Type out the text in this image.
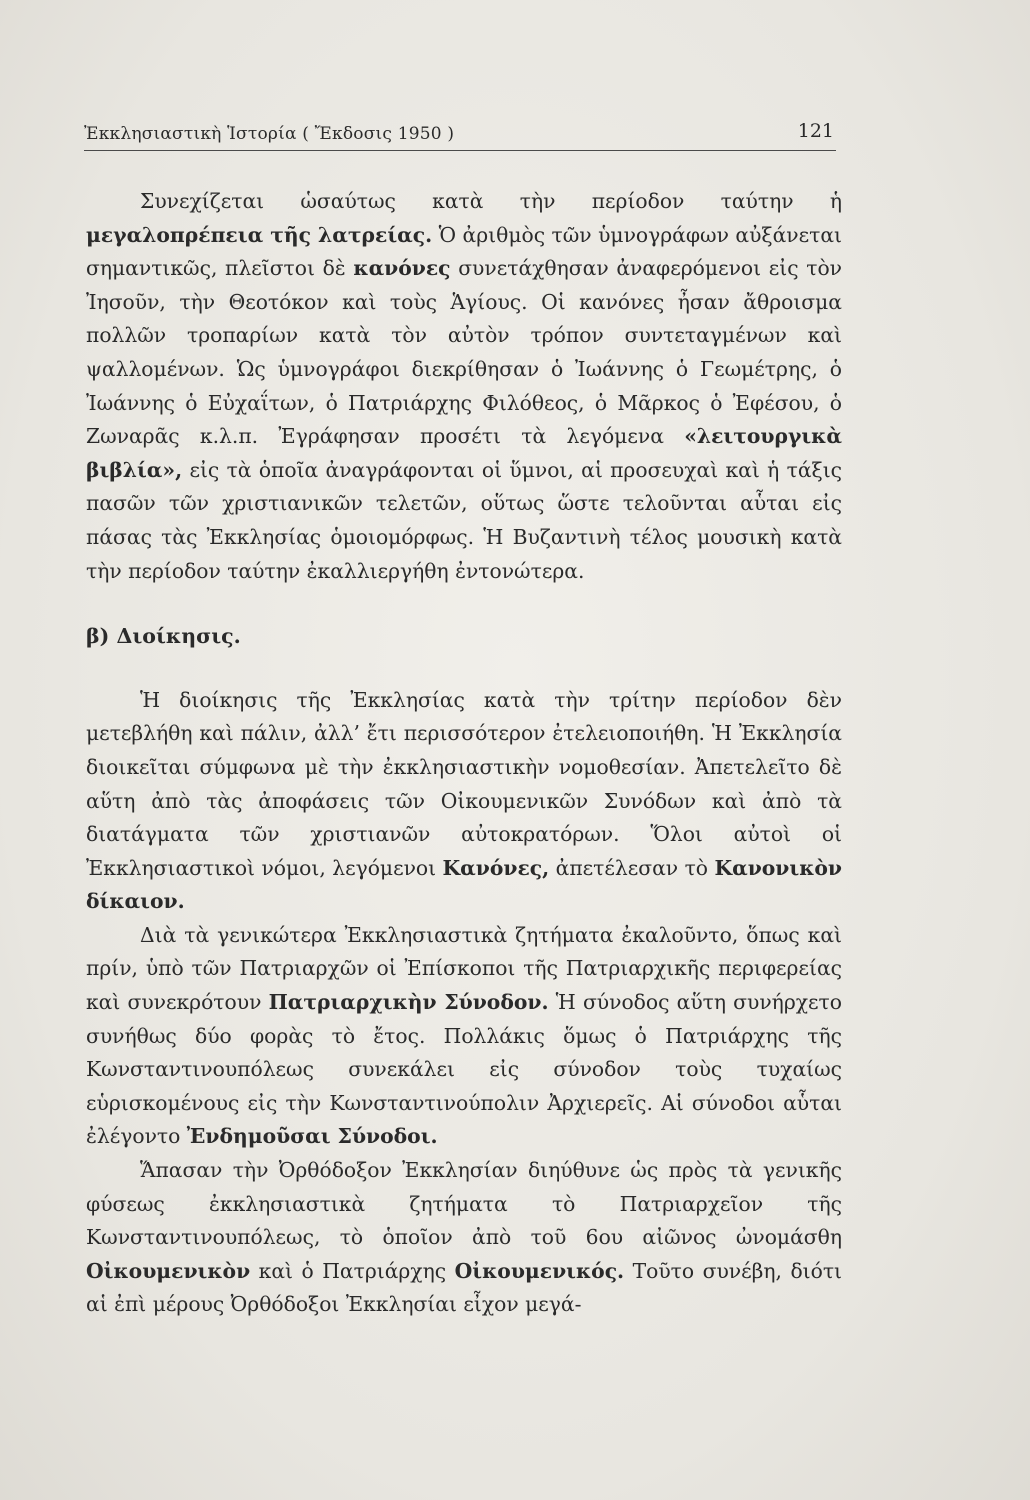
Ἐκκλησιαστικὴ Ἱστορία ( Ἔκδοσις 1950 )	121

Συνεχίζεται ὡσαύτως κατὰ τὴν περίοδον ταύτην ἡ μεγαλοπρέπεια τῆς λατρείας. Ὁ ἀριθμὸς τῶν ὑμνογράφων αὐξάνεται σημαντικῶς, πλεῖστοι δὲ κανόνες συνετάχθησαν ἀναφερόμενοι εἰς τὸν Ἰησοῦν, τὴν Θεοτόκον καὶ τοὺς Ἁγίους. Οἱ κανόνες ἦσαν ἄθροισμα πολλῶν τροπαρίων κατὰ τὸν αὐτὸν τρόπον συντεταγμένων καὶ ψαλλομένων. Ὡς ὑμνογράφοι διεκρίθησαν ὁ Ἰωάννης ὁ Γεωμέτρης, ὁ Ἰωάννης ὁ Εὐχαΐτων, ὁ Πατριάρχης Φιλόθεος, ὁ Μᾶρκος ὁ Ἐφέσου, ὁ Ζωναρᾶς κ.λ.π. Ἐγράφησαν προσέτι τὰ λεγόμενα «λειτουργικὰ βιβλία», εἰς τὰ ὁποῖα ἀναγράφονται οἱ ὕμνοι, αἱ προσευχαὶ καὶ ἡ τάξις πασῶν τῶν χριστιανικῶν τελετῶν, οὕτως ὥστε τελοῦνται αὗται εἰς πάσας τὰς Ἐκκλησίας ὁμοιομόρφως. Ἡ Βυζαντινὴ τέλος μουσικὴ κατὰ τὴν περίοδον ταύτην ἐκαλλιεργήθη ἐντονώτερα.

β) Διοίκησις.

Ἡ διοίκησις τῆς Ἐκκλησίας κατὰ τὴν τρίτην περίοδον δὲν μετεβλήθη καὶ πάλιν, ἀλλ’ ἔτι περισσότερον ἐτελειοποιήθη. Ἡ Ἐκκλησία διοικεῖται σύμφωνα μὲ τὴν ἐκκλησιαστικὴν νομοθεσίαν. Ἀπετελεῖτο δὲ αὕτη ἀπὸ τὰς ἀποφάσεις τῶν Οἰκουμενικῶν Συνόδων καὶ ἀπὸ τὰ διατάγματα τῶν χριστιανῶν αὐτοκρατόρων. Ὅλοι αὐτοὶ οἱ Ἐκκλησιαστικοὶ νόμοι, λεγόμενοι Κανόνες, ἀπετέλεσαν τὸ Κανονικὸν δίκαιον.

Διὰ τὰ γενικώτερα Ἐκκλησιαστικὰ ζητήματα ἐκαλοῦντο, ὅπως καὶ πρίν, ὑπὸ τῶν Πατριαρχῶν οἱ Ἐπίσκοποι τῆς Πατριαρχικῆς περιφερείας καὶ συνεκρότουν Πατριαρχικὴν Σύνοδον. Ἡ σύνοδος αὕτη συνήρχετο συνήθως δύο φορὰς τὸ ἔτος. Πολλάκις ὅμως ὁ Πατριάρχης τῆς Κωνσταντινουπόλεως συνεκάλει εἰς σύνοδον τοὺς τυχαίως εὑρισκομένους εἰς τὴν Κωνσταντινούπολιν Ἀρχιερεῖς. Αἱ σύνοδοι αὗται ἐλέγοντο Ἐνδημοῦσαι Σύνοδοι.

Ἅπασαν τὴν Ὀρθόδοξον Ἐκκλησίαν διηύθυνε ὡς πρὸς τὰ γενικῆς φύσεως ἐκκλησιαστικὰ ζητήματα τὸ Πατριαρχεῖον τῆς Κωνσταντινουπόλεως, τὸ ὁποῖον ἀπὸ τοῦ 6ου αἰῶνος ὠνομάσθη Οἰκουμενικὸν καὶ ὁ Πατριάρχης Οἰκουμενικός. Τοῦτο συνέβη, διότι αἱ ἐπὶ μέρους Ὀρθόδοξοι Ἐκκλησίαι εἶχον μεγά-
